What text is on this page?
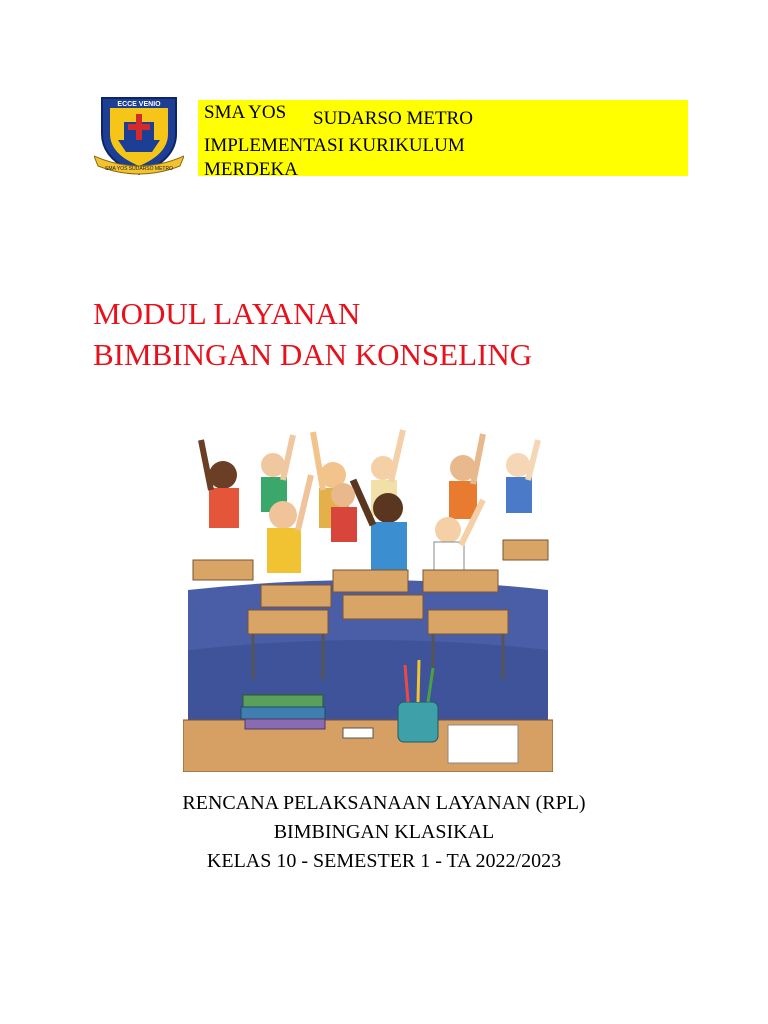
ECCE VENIO
SMA YOS SUDARSO METRO
SMA YOS SUDARSO METRO
IMPLEMENTASI KURIKULUM
MERDEKA
MODUL LAYANAN
BIMBINGAN DAN KONSELING
RENCANA PELAKSANAAN LAYANAN (RPL)
BIMBINGAN KLASIKAL
KELAS 10 - SEMESTER 1 - TA 2022/2023
